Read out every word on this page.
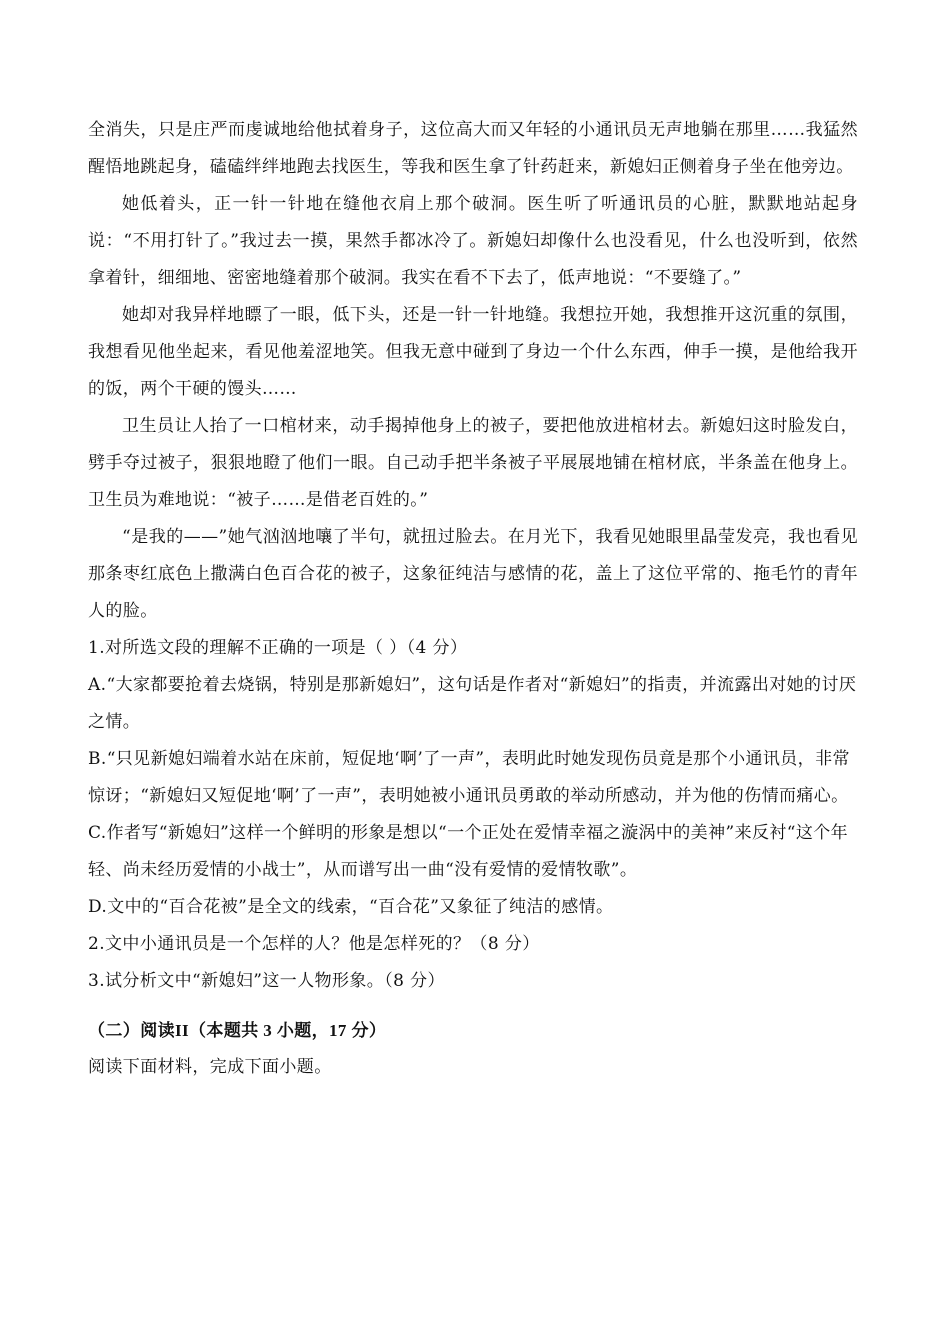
全消失，只是庄严而虔诚地给他拭着身子，这位高大而又年轻的小通讯员无声地躺在那里……我猛然醒悟地跳起身，磕磕绊绊地跑去找医生，等我和医生拿了针药赶来，新媳妇正侧着身子坐在他旁边。

她低着头，正一针一针地在缝他衣肩上那个破洞。医生听了听通讯员的心脏，默默地站起身说：“不用打针了。”我过去一摸，果然手都冰冷了。新媳妇却像什么也没看见，什么也没听到，依然拿着针，细细地、密密地缝着那个破洞。我实在看不下去了，低声地说：“不要缝了。”

她却对我异样地瞟了一眼，低下头，还是一针一针地缝。我想拉开她，我想推开这沉重的氛围，我想看见他坐起来，看见他羞涩地笑。但我无意中碰到了身边一个什么东西，伸手一摸，是他给我开的饭，两个干硬的馒头……

卫生员让人抬了一口棺材来，动手揭掉他身上的被子，要把他放进棺材去。新媳妇这时脸发白，劈手夺过被子，狠狠地瞪了他们一眼。自己动手把半条被子平展展地铺在棺材底，半条盖在他身上。卫生员为难地说：“被子……是借老百姓的。”

“是我的——”她气汹汹地嚷了半句，就扭过脸去。在月光下，我看见她眼里晶莹发亮，我也看见那条枣红底色上撒满白色百合花的被子，这象征纯洁与感情的花，盖上了这位平常的、拖毛竹的青年人的脸。

1.对所选文段的理解不正确的一项是（ ）（4 分）

A.“大家都要抢着去烧锅，特别是那新媳妇”，这句话是作者对“新媳妇”的指责，并流露出对她的讨厌之情。

B.“只见新媳妇端着水站在床前，短促地‘啊’了一声”，表明此时她发现伤员竟是那个小通讯员，非常惊讶；“新媳妇又短促地‘啊’了一声”，表明她被小通讯员勇敢的举动所感动，并为他的伤情而痛心。

C.作者写“新媳妇”这样一个鲜明的形象是想以“一个正处在爱情幸福之漩涡中的美神”来反衬“这个年轻、尚未经历爱情的小战士”，从而谱写出一曲“没有爱情的爱情牧歌”。

D.文中的“百合花被”是全文的线索，“百合花”又象征了纯洁的感情。

2.文中小通讯员是一个怎样的人？他是怎样死的？（8 分）

3.试分析文中“新媳妇”这一人物形象。（8 分）

（二）阅读II（本题共 3 小题，17 分）

阅读下面材料，完成下面小题。
